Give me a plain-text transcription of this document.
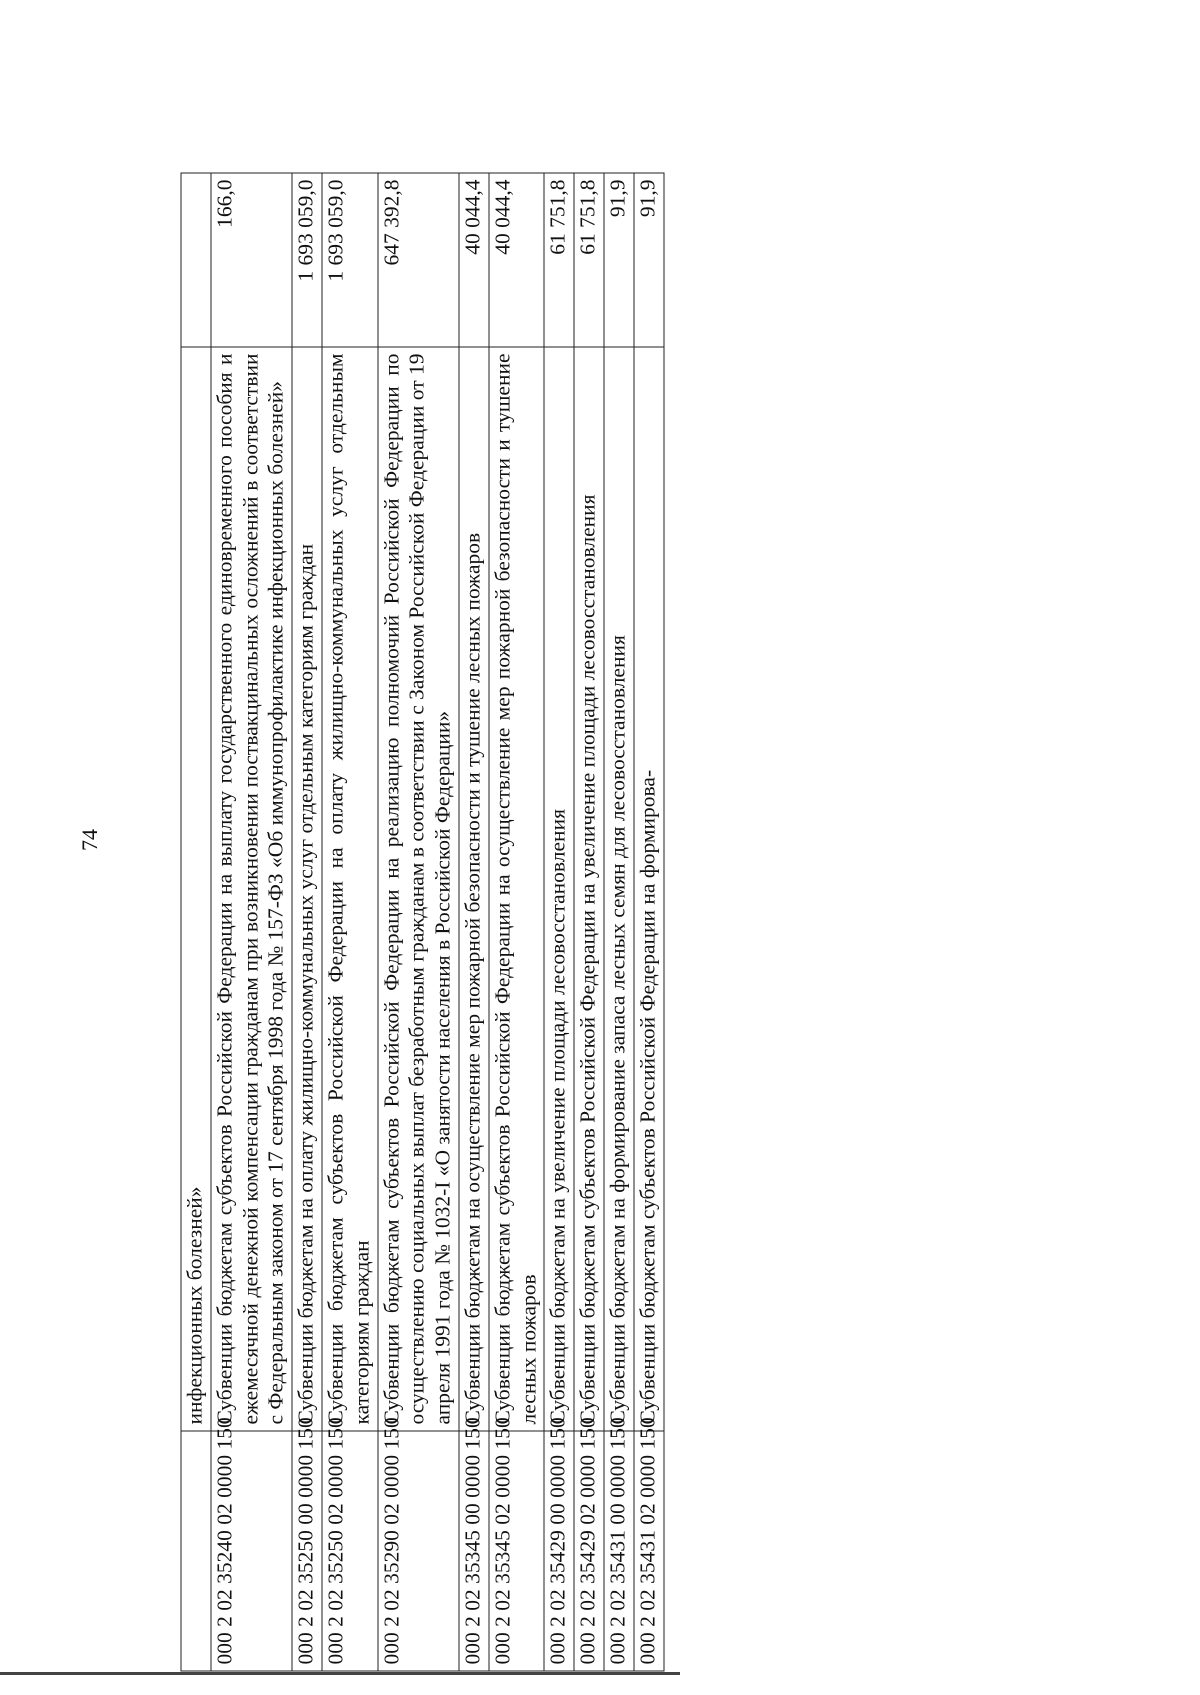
74
	инфекционных болезней»	
000 2 02 35240 02 0000 150	Субвенции бюджетам субъектов Российской Федерации на выплату государственного единовременного пособия и ежемесячной денежной компенсации гражданам при возникновении поствакцинальных осложнений в соответствии с Федеральным законом от 17 сентября 1998 года № 157-ФЗ «Об иммунопрофилактике инфекционных болезней»	166,0
000 2 02 35250 00 0000 150	Субвенции бюджетам на оплату жилищно-коммунальных услуг отдельным категориям граждан	1 693 059,0
000 2 02 35250 02 0000 150	Субвенции бюджетам субъектов Российской Федерации на оплату жилищно-коммунальных услуг отдельным категориям граждан	1 693 059,0
000 2 02 35290 02 0000 150	Субвенции бюджетам субъектов Российской Федерации на реализацию полномочий Российской Федерации по осуществлению социальных выплат безработным гражданам в соответствии с Законом Российской Федерации от 19 апреля 1991 года № 1032-I «О занятости населения в Российской Федерации»	647 392,8
000 2 02 35345 00 0000 150	Субвенции бюджетам на осуществление мер пожарной безопасности и тушение лесных пожаров	40 044,4
000 2 02 35345 02 0000 150	Субвенции бюджетам субъектов Российской Федерации на осуществление мер пожарной безопасности и тушение лесных пожаров	40 044,4
000 2 02 35429 00 0000 150	Субвенции бюджетам на увеличение площади лесовосстановления	61 751,8
000 2 02 35429 02 0000 150	Субвенции бюджетам субъектов Российской Федерации на увеличение площади лесовосстановления	61 751,8
000 2 02 35431 00 0000 150	Субвенции бюджетам на формирование запаса лесных семян для лесовосстановления	91,9
000 2 02 35431 02 0000 150	Субвенции бюджетам субъектов Российской Федерации на формирова-	91,9
